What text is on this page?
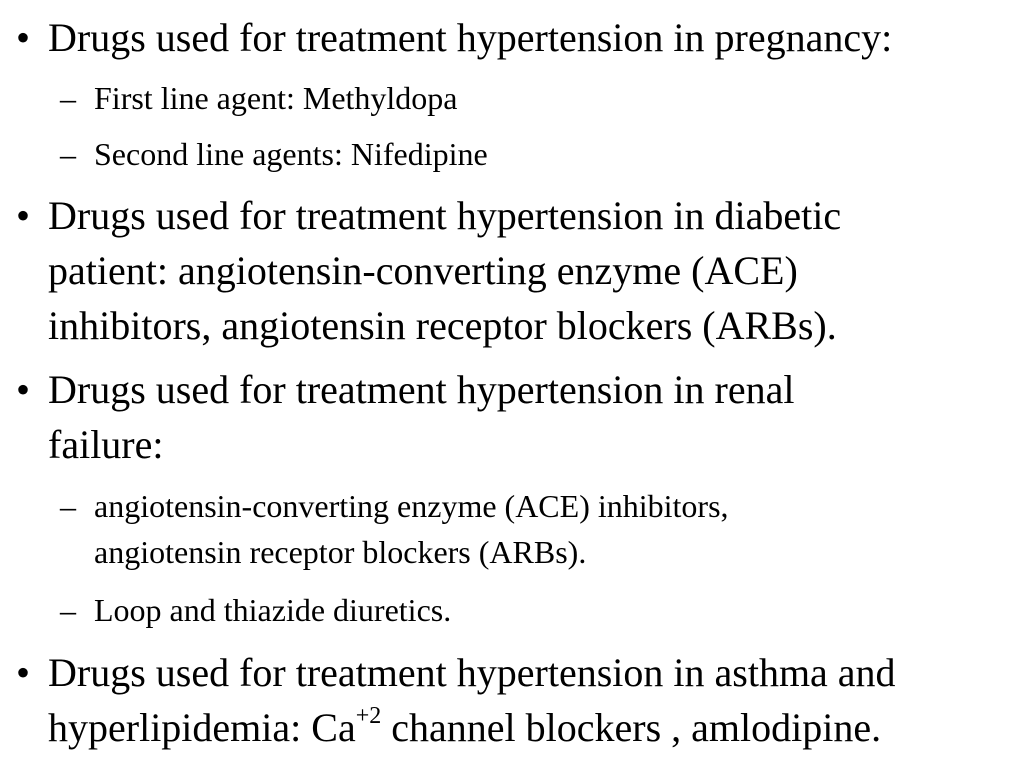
• Drugs used for treatment hypertension in pregnancy:
– First line agent: Methyldopa
– Second line agents: Nifedipine
• Drugs used for treatment hypertension in diabetic
patient: angiotensin-converting enzyme (ACE)
inhibitors, angiotensin receptor blockers (ARBs).
• Drugs used for treatment hypertension in renal
failure:
– angiotensin-converting enzyme (ACE) inhibitors,
angiotensin receptor blockers (ARBs).
– Loop and thiazide diuretics.
• Drugs used for treatment hypertension in asthma and
hyperlipidemia: $Ca^{+2}$ channel blockers , amlodipine.
